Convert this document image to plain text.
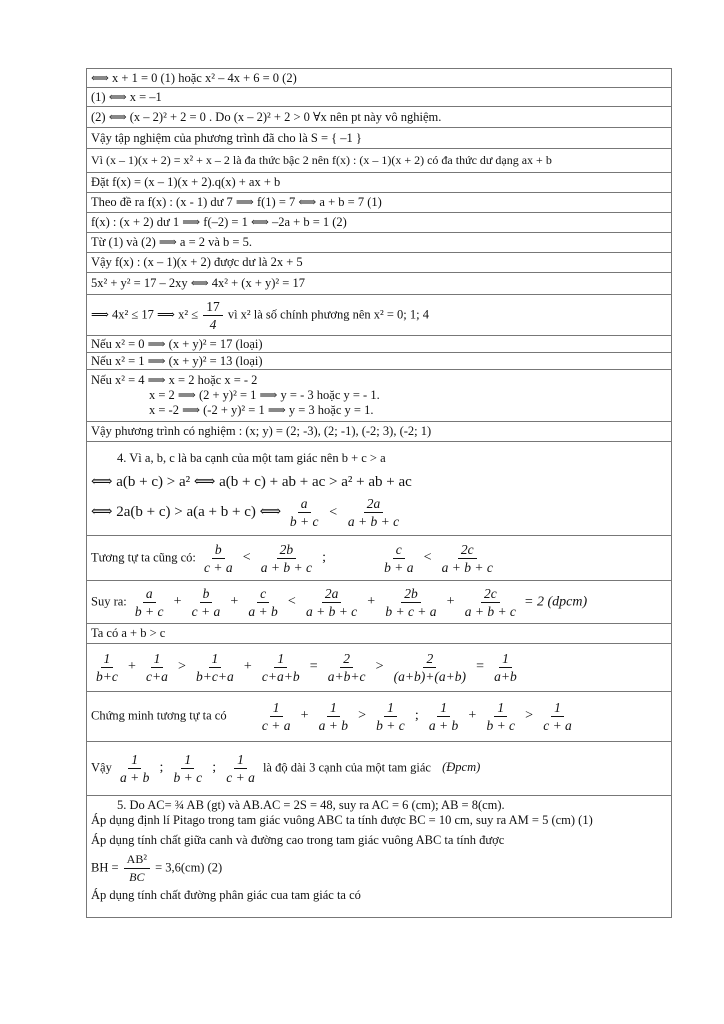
⟺ x + 1 = 0 (1) hoặc x² – 4x + 6 = 0 (2)
(1) ⟺ x = –1
(2) ⟺ (x – 2)² + 2 = 0 . Do (x – 2)² + 2 > 0 ∀x nên pt này vô nghiệm.
Vậy tập nghiệm của phương trình đã cho là S = { –1 }
Vì (x – 1)(x + 2) = x² + x – 2 là đa thức bậc 2 nên f(x) : (x – 1)(x + 2) có đa thức dư dạng ax + b
Đặt f(x) = (x – 1)(x + 2).q(x) + ax + b
Theo đề ra f(x) : (x - 1) dư 7 ⟹ f(1) = 7 ⟺ a + b = 7 (1)
f(x) : (x + 2) dư 1 ⟹ f(–2) = 1 ⟺ –2a + b = 1 (2)
Từ (1) và (2) ⟹ a = 2 và b = 5.
Vậy f(x) : (x – 1)(x + 2) được dư là 2x + 5
5x² + y² = 17 – 2xy ⟺ 4x² + (x + y)² = 17
⟹ 4x² ≤ 17 ⟹ $x^2 \le \frac{17}{4}$ vì x² là số chính phương nên x² = 0; 1; 4
Nếu x² = 0 ⟹ (x + y)² = 17 (loại)
Nếu x² = 1 ⟹ (x + y)² = 13 (loại)

Nếu x² = 4 ⟹ x = 2 hoặc x = - 2
x = 2 ⟹ (2 + y)² = 1 ⟹ y = - 3 hoặc y = - 1.
x = -2 ⟹ (-2 + y)² = 1 ⟹ y = 3 hoặc y = 1.

Vậy phương trình có nghiệm : (x; y) = (2; -3), (2; -1), (-2; 3), (-2; 1)

4. Vì a, b, c là ba cạnh của một tam giác nên b + c > a
⟺ a(b + c) > a² ⟺ a(b + c) + ab + ac > a² + ab + ac
⟺ 2a(b + c) > a(a + b + c) ⟺ $\frac{a}{b + c} < \frac{2a}{a + b + c}$

Tương tự ta cũng có: $\frac{b}{c + a} < \frac{2b}{a + b + c}$ ;	$\frac{c}{b + a} < \frac{2c}{a + b + c}$

Suy ra: $\frac{a}{b + c} + \frac{b}{c + a} + \frac{c}{a + b} < \frac{2a}{a + b + c} + \frac{2b}{b + c + a} + \frac{2c}{a + b + c} = 2$ (dpcm)
Ta có a + b > c

$\frac{1}{b+c} + \frac{1}{c+a} > \frac{1}{b+c+a} + \frac{1}{c+a+b} = \frac{2}{a+b+c} > \frac{2}{(a+b)+(a+b)} = \frac{1}{a+b}$

Chứng minh tương tự ta có $\frac{1}{c + a} + \frac{1}{a + b} > \frac{1}{b + c}$ ; $\frac{1}{a + b} + \frac{1}{b + c} > \frac{1}{c + a}$

Vậy $\frac{1}{a + b}$ ; $\frac{1}{b + c}$ ; $\frac{1}{c + a}$ là độ dài 3 cạnh của một tam giác (Đpcm)

5. Do AC= ¾ AB (gt) và AB.AC = 2S = 48, suy ra AC = 6 (cm); AB = 8(cm).
Áp dụng định lí Pitago trong tam giác vuông ABC ta tính được BC = 10 cm, suy ra AM = 5 (cm) (1)
Áp dụng tính chất giữa canh và đường cao trong tam giác vuông ABC ta tính được
BH = $\frac{\text{AB²}}{BC} = 3,6(cm)$ (2)
Áp dụng tính chất đường phân giác cua tam giác ta có
